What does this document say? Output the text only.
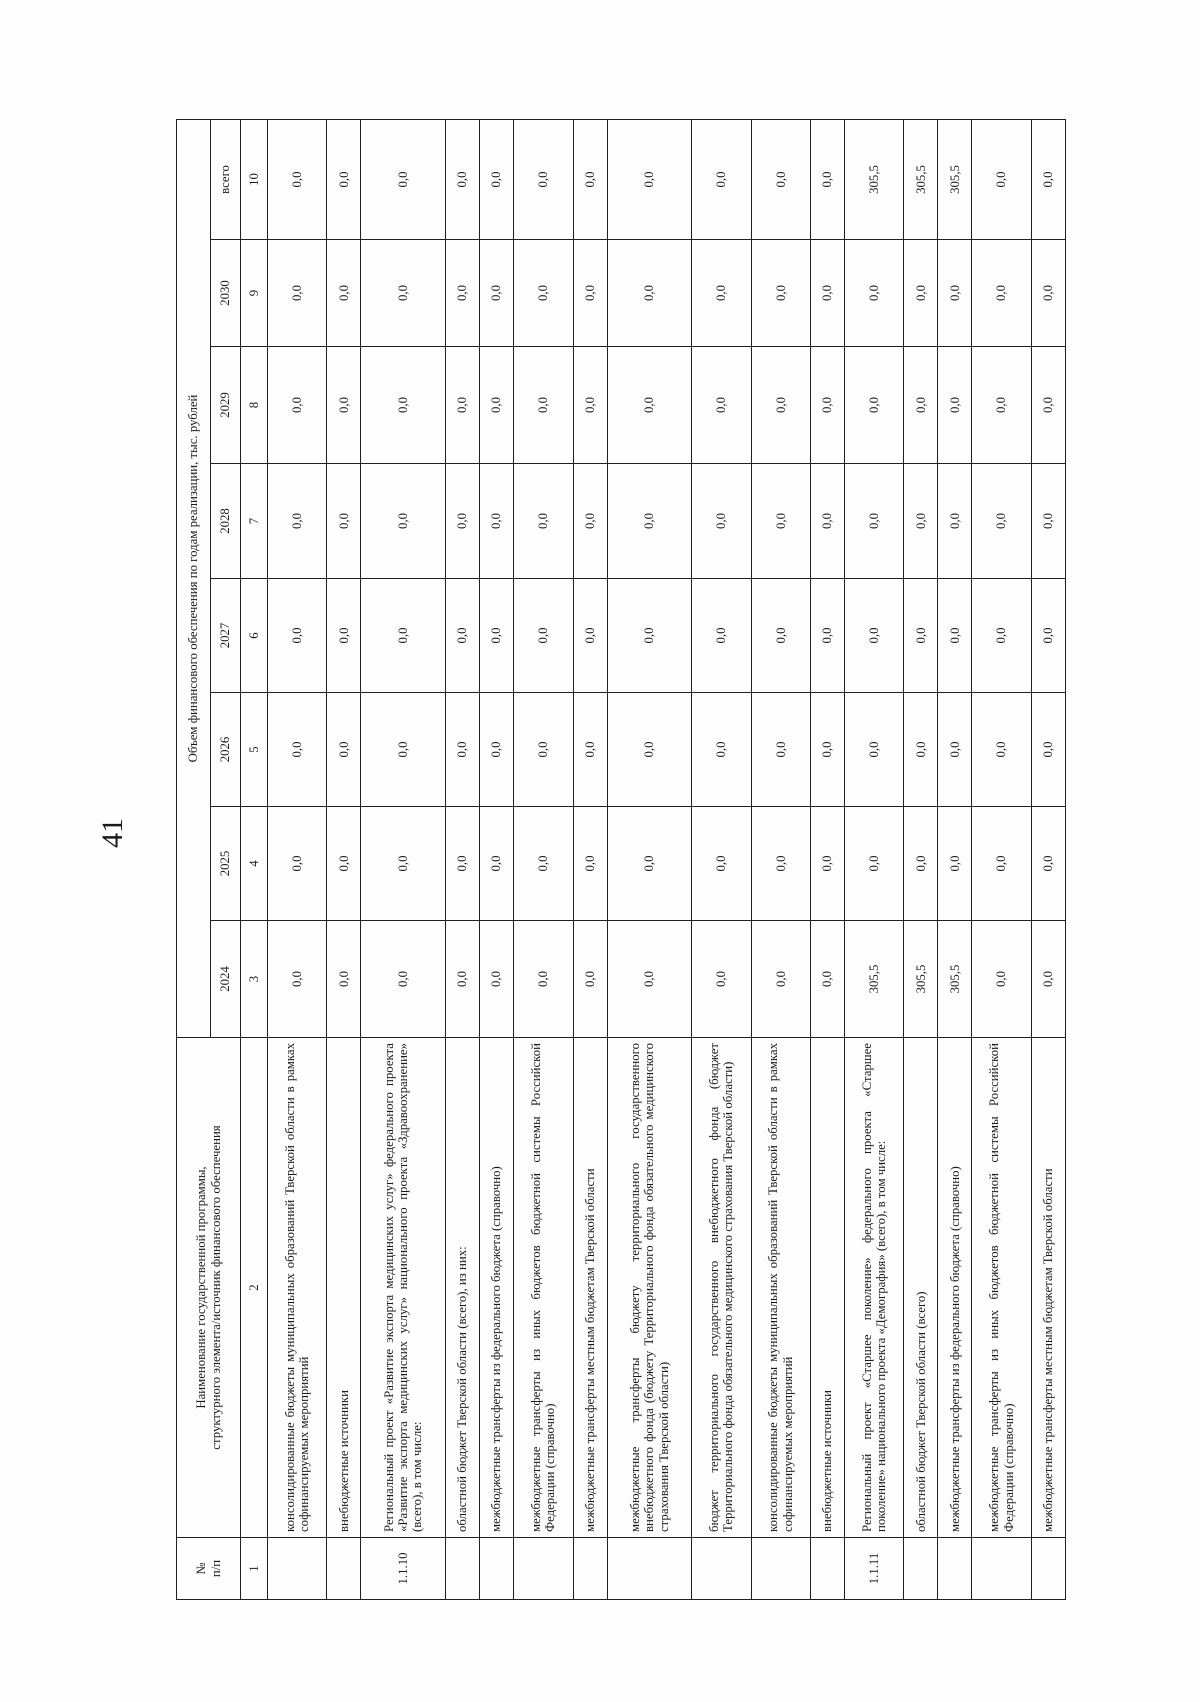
41
№
п/п	Наименование государственной программы,
структурного элемента/источник финансового обеспечения	Объем финансового обеспечения по годам реализации, тыс. рублей							
		2024	2025	2026	2027	2028	2029	2030	всего
1	2	3	4	5	6	7	8	9	10
	консолидированные бюджеты муниципальных образований Тверской области в рамках софинансируемых мероприятий	0,0	0,0	0,0	0,0	0,0	0,0	0,0	0,0
	внебюджетные источники	0,0	0,0	0,0	0,0	0,0	0,0	0,0	0,0
1.1.10	Региональный проект «Развитие экспорта медицинских услуг» федерального проекта «Развитие экспорта медицинских услуг» национального проекта «Здравоохранение» (всего), в том числе:	0,0	0,0	0,0	0,0	0,0	0,0	0,0	0,0
	областной бюджет Тверской области (всего), из них:	0,0	0,0	0,0	0,0	0,0	0,0	0,0	0,0
	межбюджетные трансферты из федерального бюджета (справочно)	0,0	0,0	0,0	0,0	0,0	0,0	0,0	0,0
	межбюджетные трансферты из иных бюджетов бюджетной системы Российской Федерации (справочно)	0,0	0,0	0,0	0,0	0,0	0,0	0,0	0,0
	межбюджетные трансферты местным бюджетам Тверской области	0,0	0,0	0,0	0,0	0,0	0,0	0,0	0,0
	межбюджетные трансферты бюджету территориального государственного внебюджетного фонда (бюджету Территориального фонда обязательного медицинского страхования Тверской области)	0,0	0,0	0,0	0,0	0,0	0,0	0,0	0,0
	бюджет территориального государственного внебюджетного фонда (бюджет Территориального фонда обязательного медицинского страхования Тверской области)	0,0	0,0	0,0	0,0	0,0	0,0	0,0	0,0
	консолидированные бюджеты муниципальных образований Тверской области в рамках софинансируемых мероприятий	0,0	0,0	0,0	0,0	0,0	0,0	0,0	0,0
	внебюджетные источники	0,0	0,0	0,0	0,0	0,0	0,0	0,0	0,0
1.1.11	Региональный проект «Старшее поколение» федерального проекта «Старшее поколение» национального проекта «Демография» (всего), в том числе:	305,5	0,0	0,0	0,0	0,0	0,0	0,0	305,5
	областной бюджет Тверской области (всего)	305,5	0,0	0,0	0,0	0,0	0,0	0,0	305,5
	межбюджетные трансферты из федерального бюджета (справочно)	305,5	0,0	0,0	0,0	0,0	0,0	0,0	305,5
	межбюджетные трансферты из иных бюджетов бюджетной системы Российской Федерации (справочно)	0,0	0,0	0,0	0,0	0,0	0,0	0,0	0,0
	межбюджетные трансферты местным бюджетам Тверской области	0,0	0,0	0,0	0,0	0,0	0,0	0,0	0,0
